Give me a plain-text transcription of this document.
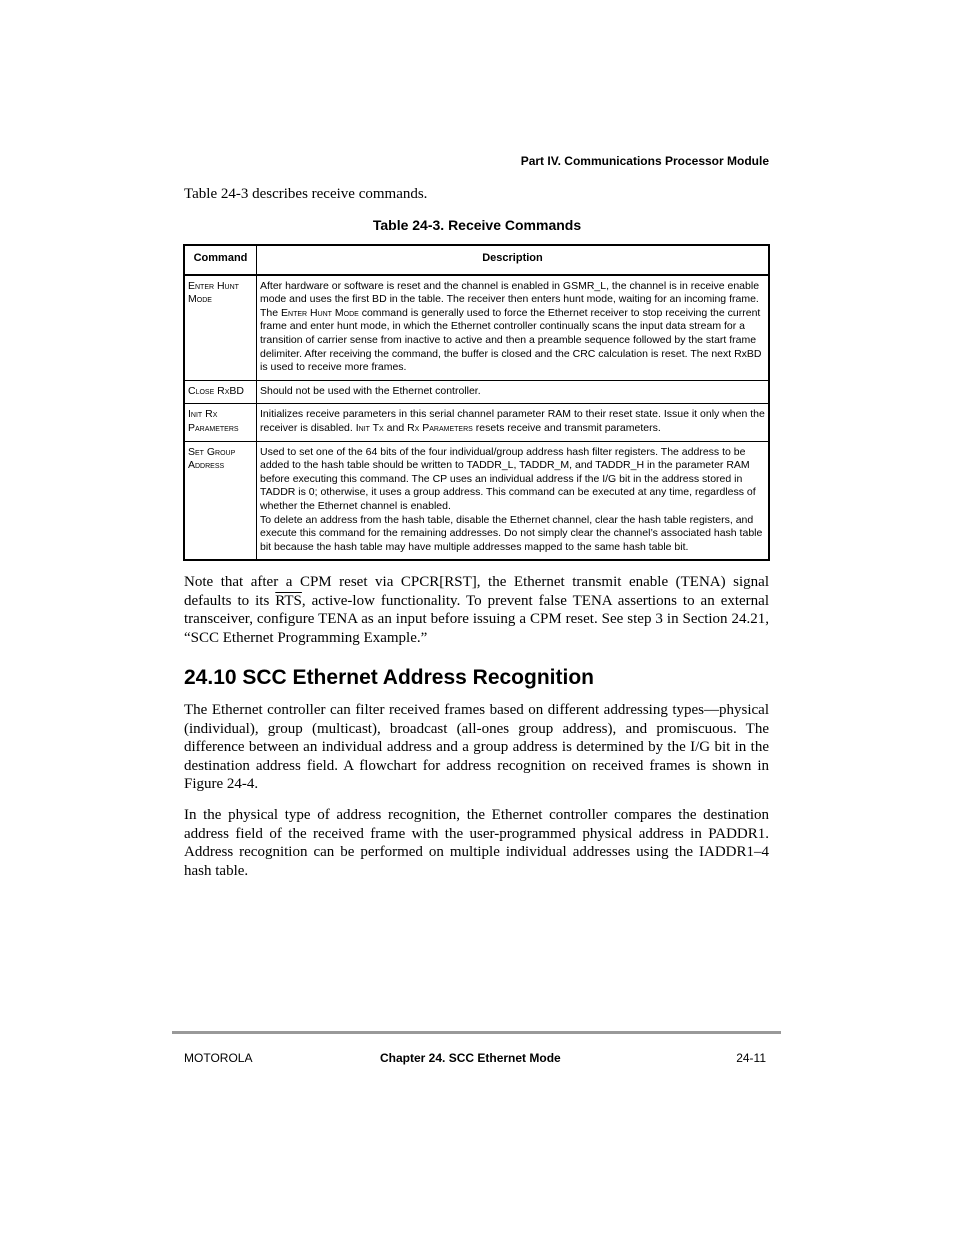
Part IV. Communications Processor Module
Table 24-3 describes receive commands.
Table 24-3. Receive Commands
Command	Description
Enter Hunt Mode	After hardware or software is reset and the channel is enabled in GSMR_L, the channel is in receive enable mode and uses the first BD in the table. The receiver then enters hunt mode, waiting for an incoming frame. The Enter Hunt Mode command is generally used to force the Ethernet receiver to stop receiving the current frame and enter hunt mode, in which the Ethernet controller continually scans the input data stream for a transition of carrier sense from inactive to active and then a preamble sequence followed by the start frame delimiter. After receiving the command, the buffer is closed and the CRC calculation is reset. The next RxBD is used to receive more frames.
Close RxBD	Should not be used with the Ethernet controller.
Init Rx Parameters	Initializes receive parameters in this serial channel parameter RAM to their reset state. Issue it only when the receiver is disabled. Init Tx and Rx Parameters resets receive and transmit parameters.
Set Group Address	Used to set one of the 64 bits of the four individual/group address hash filter registers. The address to be added to the hash table should be written to TADDR_L, TADDR_M, and TADDR_H in the parameter RAM before executing this command. The CP uses an individual address if the I/G bit in the address stored in TADDR is 0; otherwise, it uses a group address. This command can be executed at any time, regardless of whether the Ethernet channel is enabled.
To delete an address from the hash table, disable the Ethernet channel, clear the hash table registers, and execute this command for the remaining addresses. Do not simply clear the channel’s associated hash table bit because the hash table may have multiple addresses mapped to the same hash table bit.

Note that after a CPM reset via CPCR[RST], the Ethernet transmit enable (TENA) signal defaults to its $\overline{RTS}$, active-low functionality. To prevent false TENA assertions to an external transceiver, configure TENA as an input before issuing a CPM reset. See step 3 in Section 24.21, “SCC Ethernet Programming Example.”

24.10 SCC Ethernet Address Recognition

The Ethernet controller can filter received frames based on different addressing types—physical (individual), group (multicast), broadcast (all-ones group address), and promiscuous. The difference between an individual address and a group address is determined by the I/G bit in the destination address field. A flowchart for address recognition on received frames is shown in Figure 24-4.

In the physical type of address recognition, the Ethernet controller compares the destination address field of the received frame with the user-programmed physical address in PADDR1. Address recognition can be performed on multiple individual addresses using the IADDR1–4 hash table.

MOTOROLA	Chapter 24. SCC Ethernet Mode	24-11
